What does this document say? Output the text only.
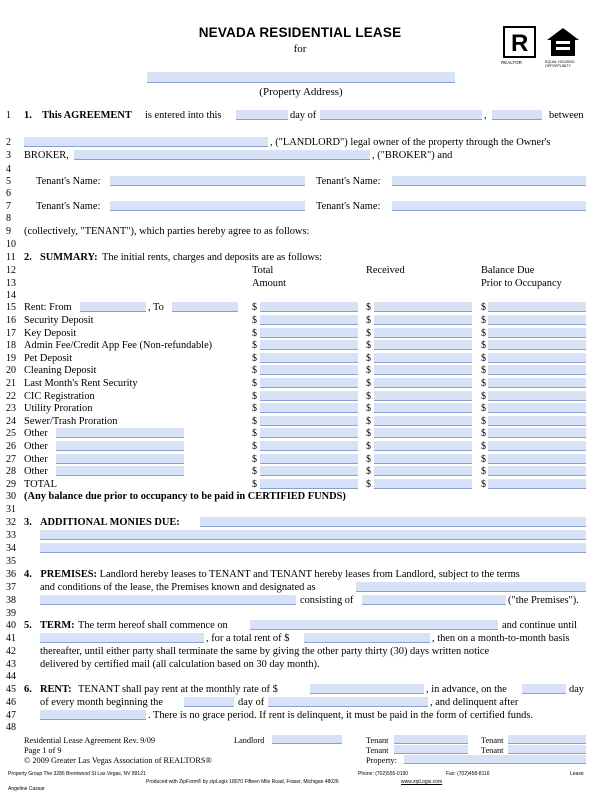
NEVADA RESIDENTIAL LEASE
for
(Property Address)
R
REALTOR	EQUAL HOUSING OPPORTUNITY
1	1. This AGREEMENT is entered into this	day of	,	between
2	, ("LANDLORD") legal owner of the property through the Owner's
3	BROKER,	, ("BROKER") and
4
5	Tenant's Name:	Tenant's Name:
6
7	Tenant's Name:	Tenant's Name:
8
9	(collectively, "TENANT"), which parties hereby agree to as follows:
10
11 2. SUMMARY: The initial rents, charges and deposits are as follows:
12	Total	Received	Balance Due
13	Amount	Prior to Occupancy
14
15 Rent: From	, To	$	$	$
16 Security Deposit	$	$	$
17 Key Deposit	$	$	$
18 Admin Fee/Credit App Fee (Non-refundable)	$	$	$
19 Pet Deposit	$	$	$
20 Cleaning Deposit	$	$	$
21 Last Month's Rent Security	$	$	$
22 CIC Registration	$	$	$
23 Utility Proration	$	$	$
24 Sewer/Trash Proration	$	$	$
25 Other	$	$	$
26 Other	$	$	$
27 Other	$	$	$
28 Other	$	$	$
29 TOTAL	$	$	$
30 (Any balance due prior to occupancy to be paid in CERTIFIED FUNDS)
31
32 3. ADDITIONAL MONIES DUE:
33
34
35
36 4. PREMISES: Landlord hereby leases to TENANT and TENANT hereby leases from Landlord, subject to the terms
37	and conditions of the lease, the Premises known and designated as
38	consisting of	("the Premises").
39
40 5. TERM: The term hereof shall commence on	and continue until
41	, for a total rent of $	, then on a month-to-month basis
42	thereafter, until either party shall terminate the same by giving the other party thirty (30) days written notice
43	delivered by certified mail (all calculation based on 30 day month).
44
45 6. RENT: TENANT shall pay rent at the monthly rate of $	, in advance, on the	day
46	of every month beginning the	day of	, and delinquent after
47	. There is no grace period. If rent is delinquent, it must be paid in the form of certified funds.
48
Residential Lease Agreement Rev. 9/09
Page 1 of 9
© 2009 Greater Las Vegas Association of REALTORS®
Landlord	Tenant	Tenant
Tenant	Tenant
Property:
Property Group The 3286 Brentwood St Las Vegas, NV 89121	Phone: (702)555-0190	Fax: (702)458-8116	Lease
Produced with ZipForm® by zipLogix 18070 Fifteen Mile Road, Fraser, Michigan 48026	www.zipLogix.com
Angeline Cassar
